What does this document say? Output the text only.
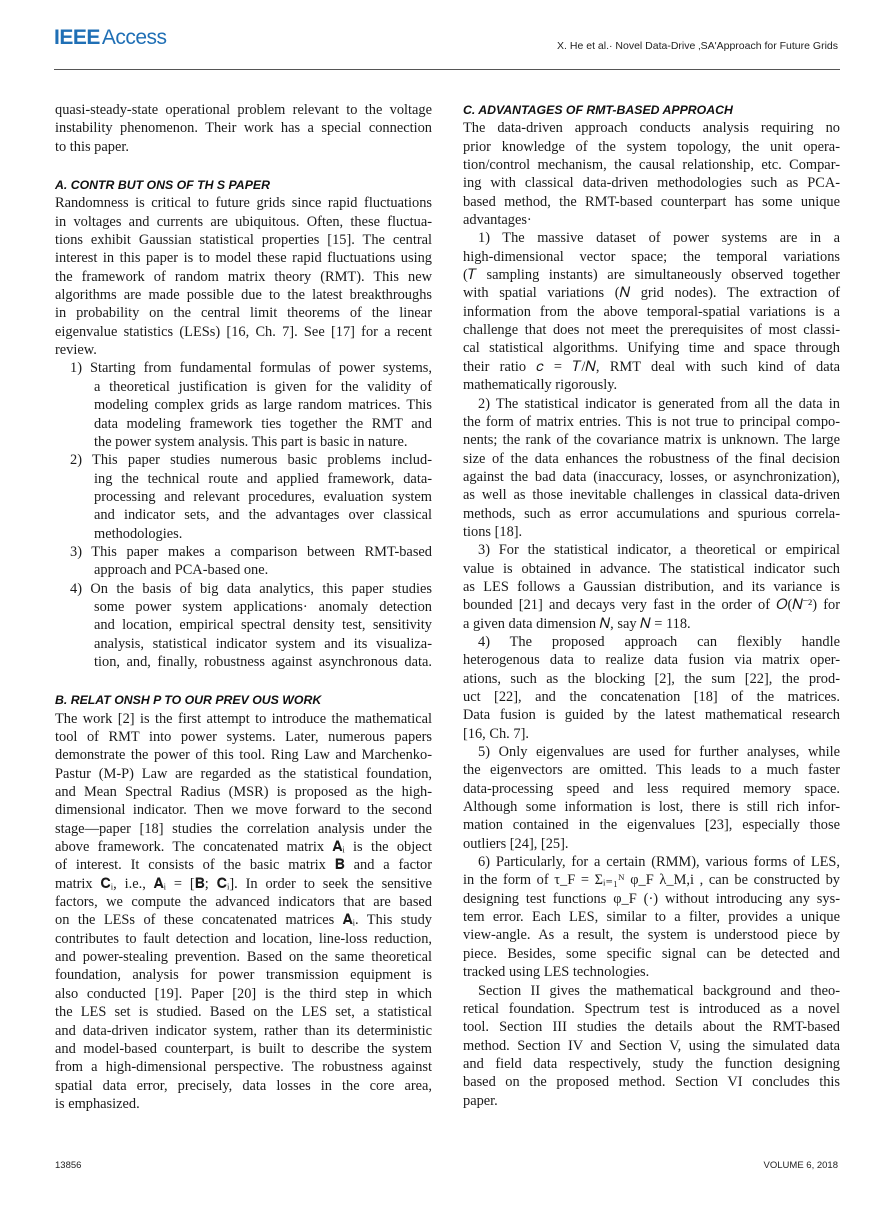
IEEEAccess	X. He et al.· Novel Data-Drive ‚SA'Approach for Future Grids
quasi-steady-state operational problem relevant to the voltage
instability phenomenon. Their work has a special connection
to this paper.
A. CONTR BUT ONS OF TH S PAPER
Randomness is critical to future grids since rapid fluctuations
in voltages and currents are ubiquitous. Often, these fluctua-
tions exhibit Gaussian statistical properties [15]. The central
interest in this paper is to model these rapid fluctuations using
the framework of random matrix theory (RMT). This new
algorithms are made possible due to the latest breakthroughs
in probability on the central limit theorems of the linear
eigenvalue statistics (LESs) [16, Ch. 7]. See [17] for a recent
review.
1) Starting from fundamental formulas of power systems,
a theoretical justification is given for the validity of
modeling complex grids as large random matrices. This
data modeling framework ties together the RMT and
the power system analysis. This part is basic in nature.
2) This paper studies numerous basic problems includ-
ing the technical route and applied framework, data-
processing and relevant procedures, evaluation system
and indicator sets, and the advantages over classical
methodologies.
3) This paper makes a comparison between RMT-based
approach and PCA-based one.
4) On the basis of big data analytics, this paper studies
some power system applications· anomaly detection
and location, empirical spectral density test, sensitivity
analysis, statistical indicator system and its visualiza-
tion, and, finally, robustness against asynchronous data.
B. RELAT ONSH P TO OUR PREV OUS WORK
The work [2] is the first attempt to introduce the mathematical
tool of RMT into power systems. Later, numerous papers
demonstrate the power of this tool. Ring Law and Marchenko-
Pastur (M-P) Law are regarded as the statistical foundation,
and Mean Spectral Radius (MSR) is proposed as the high-
dimensional indicator. Then we move forward to the second
stage—paper [18] studies the correlation analysis under the
above framework. The concatenated matrix 𝐀ᵢ is the object
of interest. It consists of the basic matrix 𝐁 and a factor
matrix 𝐂ᵢ, i.e., 𝐀ᵢ = [𝐁; 𝐂ᵢ]. In order to seek the sensitive
factors, we compute the advanced indicators that are based
on the LESs of these concatenated matrices 𝐀ᵢ. This study
contributes to fault detection and location, line-loss reduction,
and power-stealing prevention. Based on the same theoretical
foundation, analysis for power transmission equipment is
also conducted [19]. Paper [20] is the third step in which
the LES set is studied. Based on the LES set, a statistical
and data-driven indicator system, rather than its deterministic
and model-based counterpart, is built to describe the system
from a high-dimensional perspective. The robustness against
spatial data error, precisely, data losses in the core area,
is emphasized.
C. ADVANTAGES OF RMT-BASED APPROACH
The data-driven approach conducts analysis requiring no
prior knowledge of the system topology, the unit opera-
tion/control mechanism, the causal relationship, etc. Compar-
ing with classical data-driven methodologies such as PCA-
based method, the RMT-based counterpart has some unique
advantages·
1) The massive dataset of power systems are in a
high-dimensional vector space; the temporal variations
(𝑇 sampling instants) are simultaneously observed together
with spatial variations (𝑁 grid nodes). The extraction of
information from the above temporal-spatial variations is a
challenge that does not meet the prerequisites of most classi-
cal statistical algorithms. Unifying time and space through
their ratio 𝑐 = 𝑇/𝑁, RMT deal with such kind of data
mathematically rigorously.
2) The statistical indicator is generated from all the data in
the form of matrix entries. This is not true to principal compo-
nents; the rank of the covariance matrix is unknown. The large
size of the data enhances the robustness of the final decision
against the bad data (inaccuracy, losses, or asynchronization),
as well as those inevitable challenges in classical data-driven
methods, such as error accumulations and spurious correla-
tions [18].
3) For the statistical indicator, a theoretical or empirical
value is obtained in advance. The statistical indicator such
as LES follows a Gaussian distribution, and its variance is
bounded [21] and decays very fast in the order of 𝑂(𝑁⁻²) for
a given data dimension 𝑁, say 𝑁 = 118.
4) The proposed approach can flexibly handle
heterogenous data to realize data fusion via matrix oper-
ations, such as the blocking [2], the sum [22], the prod-
uct [22], and the concatenation [18] of the matrices.
Data fusion is guided by the latest mathematical research
[16, Ch. 7].
5) Only eigenvalues are used for further analyses, while
the eigenvectors are omitted. This leads to a much faster
data-processing speed and less required memory space.
Although some information is lost, there is still rich infor-
mation contained in the eigenvalues [23], especially those
outliers [24], [25].
6) Particularly, for a certain (RMM), various forms of LES,
in the form of τ_F = Σᵢ₌₁ᴺ φ_F λ_M,i , can be constructed by
designing test functions φ_F (·) without introducing any sys-
tem error. Each LES, similar to a filter, provides a unique
view-angle. As a result, the system is understood piece by
piece. Besides, some specific signal can be detected and
tracked using LES technologies.
Section II gives the mathematical background and theo-
retical foundation. Spectrum test is introduced as a novel
tool. Section III studies the details about the RMT-based
method. Section IV and Section V, using the simulated data
and field data respectively, study the function designing
based on the proposed method. Section VI concludes this
paper.
13856	VOLUME 6, 2018
